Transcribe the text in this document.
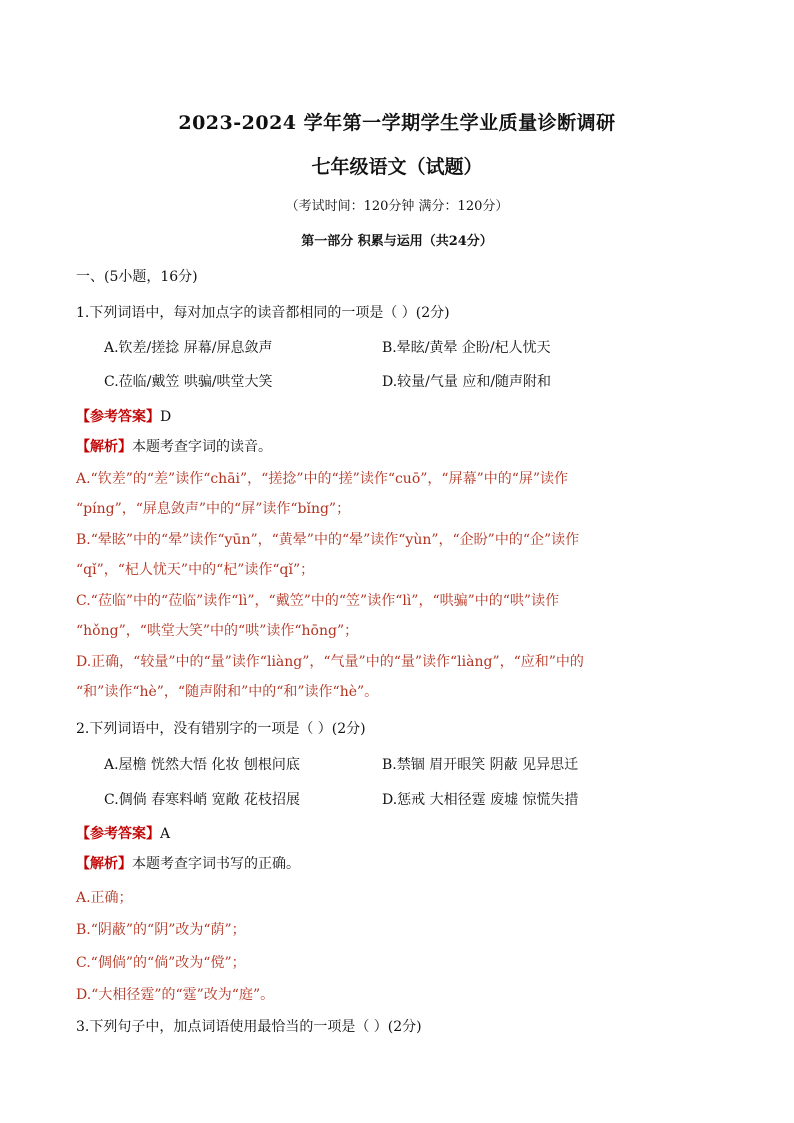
2023-2024 学年第一学期学生学业质量诊断调研
七年级语文（试题）
（考试时间：120分钟 满分：120分）
第一部分 积累与运用（共24分）
一、(5小题，16分)
1.下列词语中，每对加点字的读音都相同的一项是（ ）(2分)
A.钦差/搓捻 屏幕/屏息敛声	B.晕眩/黄晕 企盼/杞人忧天
C.莅临/戴笠 哄骗/哄堂大笑	D.较量/气量 应和/随声附和
【参考答案】D
【解析】本题考查字词的读音。
A.“钦差”的“差”读作“chāi”，“搓捻”中的“搓”读作“cuō”，“屏幕”中的“屏”读作
“píng”，“屏息敛声”中的“屏”读作“bǐng”；
B.“晕眩”中的“晕”读作“yūn”，“黄晕”中的“晕”读作“yùn”，“企盼”中的“企”读作
“qǐ”，“杞人忧天”中的“杞”读作“qǐ”；
C.“莅临”中的“莅临”读作“lì”，“戴笠”中的“笠”读作“lì”，“哄骗”中的“哄”读作
“hǒng”，“哄堂大笑”中的“哄”读作“hōng”；
D.正确，“较量”中的“量”读作“liàng”，“气量”中的“量”读作“liàng”，“应和”中的
“和”读作“hè”，“随声附和”中的“和”读作“hè”。
2.下列词语中，没有错别字的一项是（ ）(2分)
A.屋檐 恍然大悟 化妆 刨根问底	B.禁锢 眉开眼笑 阴蔽 见异思迁
C.倜倘 春寒料峭 宽敞 花枝招展	D.惩戒 大相径霆 废墟 惊慌失措
【参考答案】A
【解析】本题考查字词书写的正确。
A.正确；
B.“阴蔽”的“阴”改为“荫”；
C.“倜倘”的“倘”改为“傥”；
D.“大相径霆”的“霆”改为“庭”。
3.下列句子中，加点词语使用最恰当的一项是（ ）(2分)
